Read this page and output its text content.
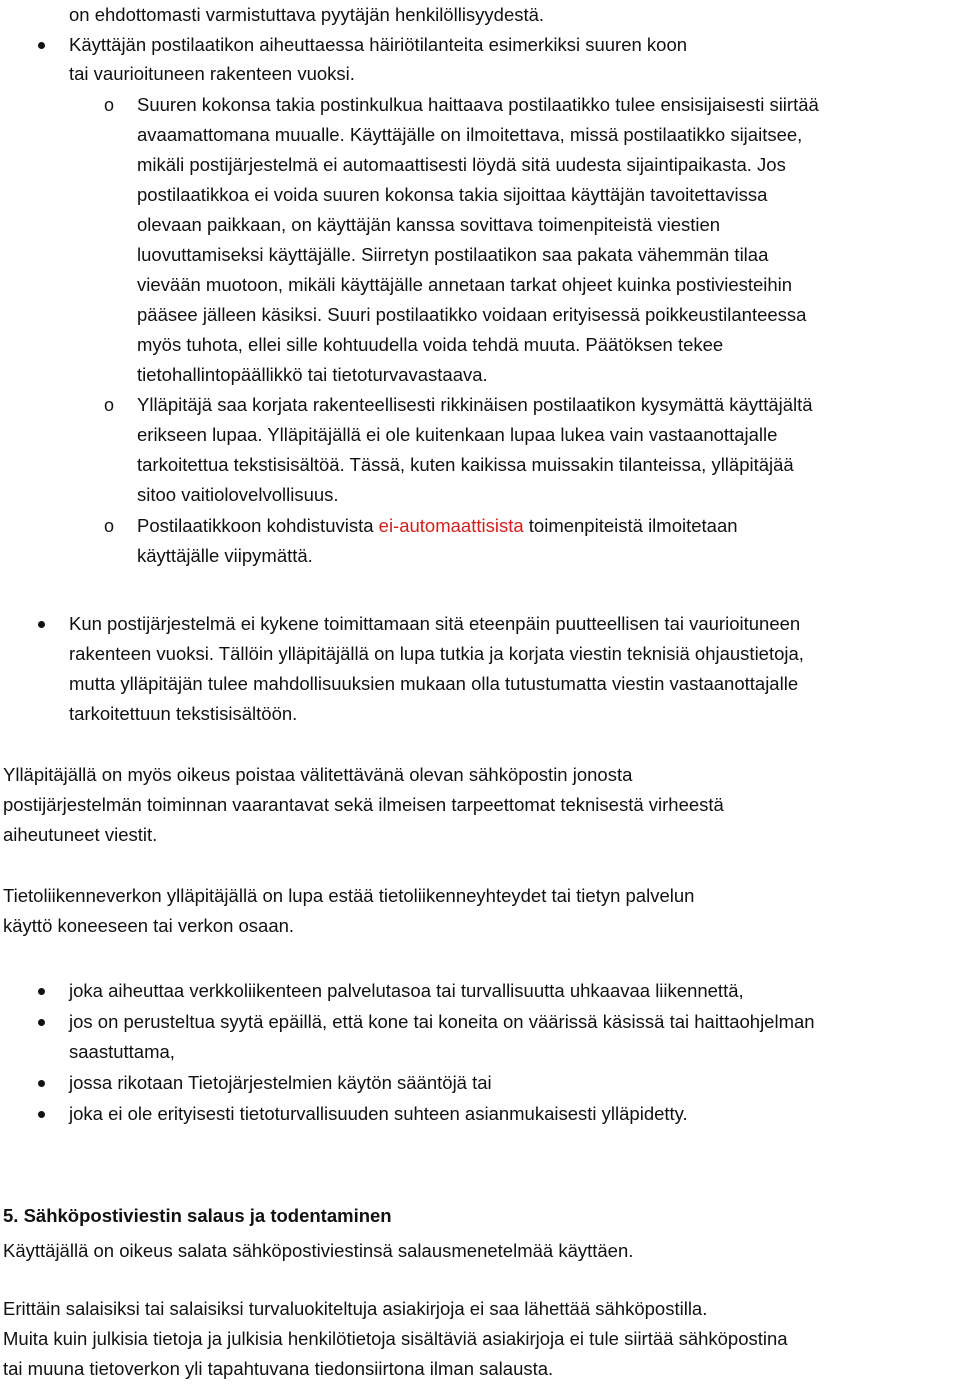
on ehdottomasti varmistuttava pyytäjän henkilöllisyydestä.
Käyttäjän postilaatikon aiheuttaessa häiriötilanteita esimerkiksi suuren koon
tai vaurioituneen rakenteen vuoksi.
o Suuren kokonsa takia postinkulkua haittaava postilaatikko tulee ensisijaisesti siirtää
avaamattomana muualle. Käyttäjälle on ilmoitettava, missä postilaatikko sijaitsee,
mikäli postijärjestelmä ei automaattisesti löydä sitä uudesta sijaintipaikasta. Jos
postilaatikkoa ei voida suuren kokonsa takia sijoittaa käyttäjän tavoitettavissa
olevaan paikkaan, on käyttäjän kanssa sovittava toimenpiteistä viestien
luovuttamiseksi käyttäjälle. Siirretyn postilaatikon saa pakata vähemmän tilaa
vievään muotoon, mikäli käyttäjälle annetaan tarkat ohjeet kuinka postiviesteihin
pääsee jälleen käsiksi. Suuri postilaatikko voidaan erityisessä poikkeustilanteessa
myös tuhota, ellei sille kohtuudella voida tehdä muuta. Päätöksen tekee
tietohallintopäällikkö tai tietoturvavastaava.
o Ylläpitäjä saa korjata rakenteellisesti rikkinäisen postilaatikon kysymättä käyttäjältä
erikseen lupaa. Ylläpitäjällä ei ole kuitenkaan lupaa lukea vain vastaanottajalle
tarkoitettua tekstisisältöä. Tässä, kuten kaikissa muissakin tilanteissa, ylläpitäjää
sitoo vaitiolovelvollisuus.
o Postilaatikkoon kohdistuvista ei-automaattisista toimenpiteistä ilmoitetaan
käyttäjälle viipymättä.
Kun postijärjestelmä ei kykene toimittamaan sitä eteenpäin puutteellisen tai vaurioituneen
rakenteen vuoksi. Tällöin ylläpitäjällä on lupa tutkia ja korjata viestin teknisiä ohjaustietoja,
mutta ylläpitäjän tulee mahdollisuuksien mukaan olla tutustumatta viestin vastaanottajalle
tarkoitettuun tekstisisältöön.
Ylläpitäjällä on myös oikeus poistaa välitettävänä olevan sähköpostin jonosta
postijärjestelmän toiminnan vaarantavat sekä ilmeisen tarpeettomat teknisestä virheestä
aiheutuneet viestit.
Tietoliikenneverkon ylläpitäjällä on lupa estää tietoliikenneyhteydet tai tietyn palvelun
käyttö koneeseen tai verkon osaan.
joka aiheuttaa verkkoliikenteen palvelutasoa tai turvallisuutta uhkaavaa liikennettä,
jos on perusteltua syytä epäillä, että kone tai koneita on väärissä käsissä tai haittaohjelman
saastuttama,
jossa rikotaan Tietojärjestelmien käytön sääntöjä tai
joka ei ole erityisesti tietoturvallisuuden suhteen asianmukaisesti ylläpidetty.
5. Sähköpostiviestin salaus ja todentaminen
Käyttäjällä on oikeus salata sähköpostiviestinsä salausmenetelmää käyttäen.
Erittäin salaisiksi tai salaisiksi turvaluokiteltuja asiakirjoja ei saa lähettää sähköpostilla.
Muita kuin julkisia tietoja ja julkisia henkilötietoja sisältäviä asiakirjoja ei tule siirtää sähköpostina
tai muuna tietoverkon yli tapahtuvana tiedonsiirtona ilman salausta.
